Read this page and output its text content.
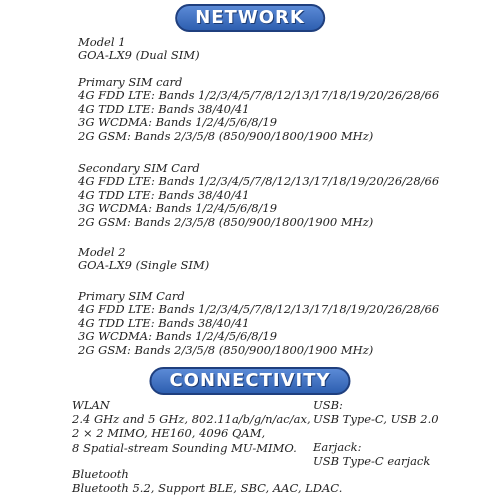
NETWORK
Model 1
GOA-LX9 (Dual SIM)
Primary SIM card
4G FDD LTE: Bands 1/2/3/4/5/7/8/12/13/17/18/19/20/26/28/66
4G TDD LTE: Bands 38/40/41
3G WCDMA: Bands 1/2/4/5/6/8/19
2G GSM: Bands 2/3/5/8 (850/900/1800/1900 MHz)
Secondary SIM Card
4G FDD LTE: Bands 1/2/3/4/5/7/8/12/13/17/18/19/20/26/28/66
4G TDD LTE: Bands 38/40/41
3G WCDMA: Bands 1/2/4/5/6/8/19
2G GSM: Bands 2/3/5/8 (850/900/1800/1900 MHz)
Model 2
GOA-LX9 (Single SIM)
Primary SIM Card
4G FDD LTE: Bands 1/2/3/4/5/7/8/12/13/17/18/19/20/26/28/66
4G TDD LTE: Bands 38/40/41
3G WCDMA: Bands 1/2/4/5/6/8/19
2G GSM: Bands 2/3/5/8 (850/900/1800/1900 MHz)
CONNECTIVITY
WLAN
2.4 GHz and 5 GHz, 802.11a/b/g/n/ac/ax,
2 × 2 MIMO, HE160, 4096 QAM,
8 Spatial-stream Sounding MU-MIMO.
Bluetooth
Bluetooth 5.2, Support BLE, SBC, AAC, LDAC.
USB:
USB Type-C, USB 2.0
Earjack:
USB Type-C earjack
